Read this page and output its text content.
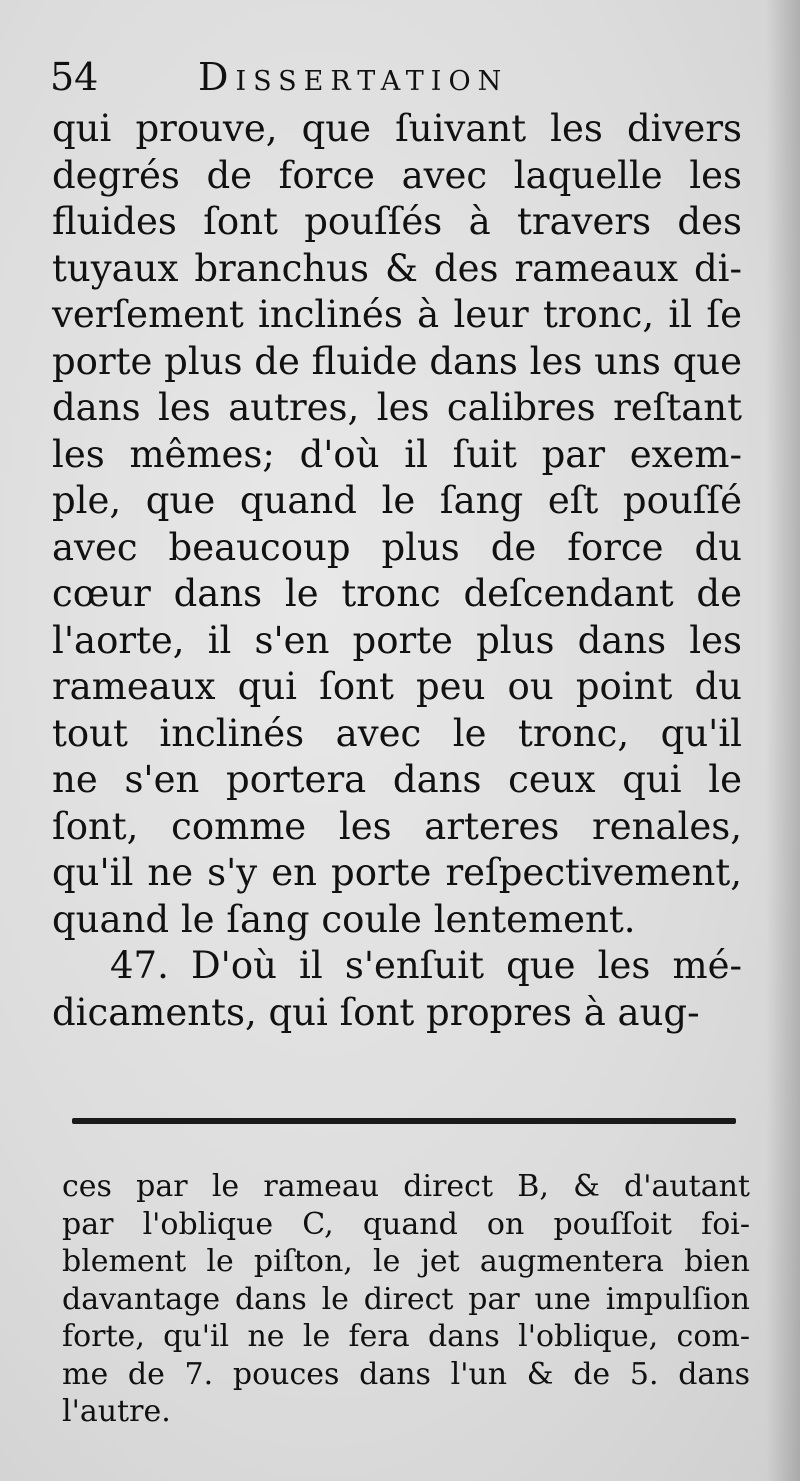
54	Dissertation
qui prouve, que ſuivant les divers
degrés de force avec laquelle les
fluides ſont pouſſés à travers des
tuyaux branchus & des rameaux di-
verſement inclinés à leur tronc, il ſe
porte plus de fluide dans les uns que
dans les autres, les calibres reſtant
les mêmes; d'où il ſuit par exem-
ple, que quand le ſang eſt pouſſé
avec beaucoup plus de force du
cœur dans le tronc deſcendant de
l'aorte, il s'en porte plus dans les
rameaux qui ſont peu ou point du
tout inclinés avec le tronc, qu'il
ne s'en portera dans ceux qui le
ſont, comme les arteres renales,
qu'il ne s'y en porte reſpectivement,
quand le ſang coule lentement.
47. D'où il s'enſuit que les mé-
dicaments, qui ſont propres à aug-
ces par le rameau direct B, & d'autant
par l'oblique C, quand on pouſſoit foi-
blement le piſton, le jet augmentera bien
davantage dans le direct par une impulſion
forte, qu'il ne le fera dans l'oblique, com-
me de 7. pouces dans l'un & de 5. dans
l'autre.
